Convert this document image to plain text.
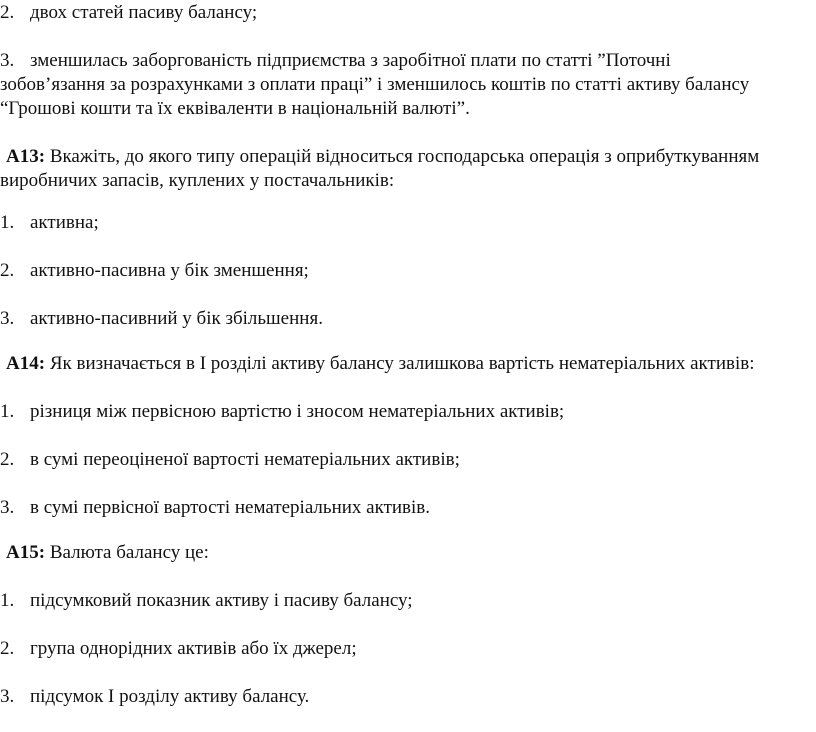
2. двох статей пасиву балансу;
3. зменшилась заборгованість підприємства з заробітної плати по статті ”Поточні
зобов’язання за розрахунками з оплати праці” і зменшилось коштів по статті активу балансу
“Грошові кошти та їх еквіваленти в національній валюті”.
А13: Вкажіть, до якого типу операцій відноситься господарська операція з оприбуткуванням
виробничих запасів, куплених у постачальників:
1. активна;
2. активно-пасивна у бік зменшення;
3. активно-пасивний у бік збільшення.
А14: Як визначається в І розділі активу балансу залишкова вартість нематеріальних активів:
1. різниця між первісною вартістю і зносом нематеріальних активів;
2. в сумі переоціненої вартості нематеріальних активів;
3. в сумі первісної вартості нематеріальних активів.
А15: Валюта балансу це:
1. підсумковий показник активу і пасиву балансу;
2. група однорідних активів або їх джерел;
3. підсумок І розділу активу балансу.
